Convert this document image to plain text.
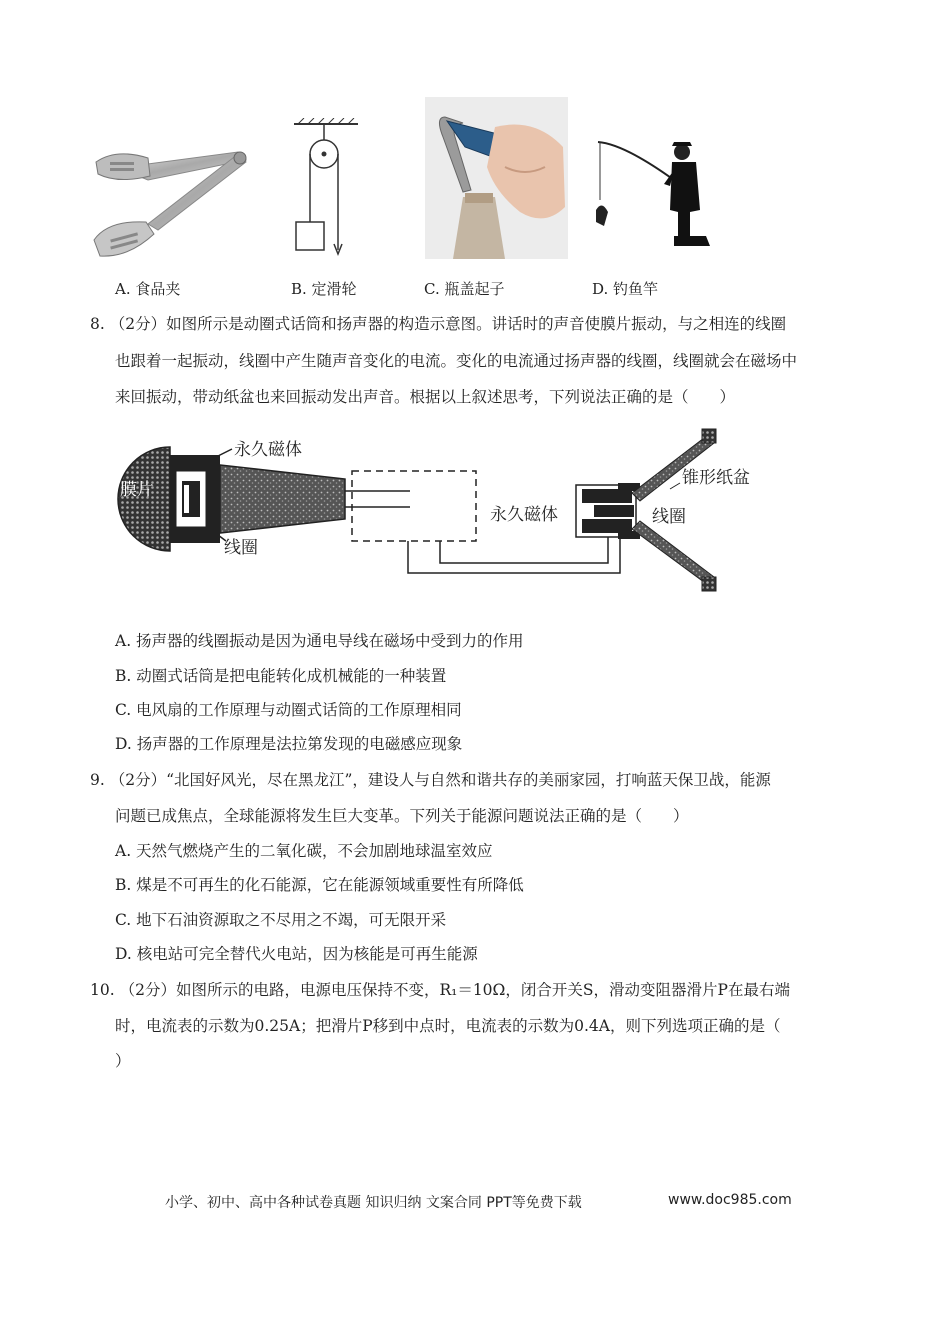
A. 食品夹	B. 定滑轮	C. 瓶盖起子	D. 钓鱼竿
8. （2分）如图所示是动圈式话筒和扬声器的构造示意图。讲话时的声音使膜片振动，与之相连的线圈
也跟着一起振动，线圈中产生随声音变化的电流。变化的电流通过扬声器的线圈，线圈就会在磁场中
来回振动，带动纸盆也来回振动发出声音。根据以上叙述思考，下列说法正确的是（　　）
永久磁体
膜片
线圈
永久磁体
锥形纸盆
线圈
A. 扬声器的线圈振动是因为通电导线在磁场中受到力的作用
B. 动圈式话筒是把电能转化成机械能的一种装置
C. 电风扇的工作原理与动圈式话筒的工作原理相同
D. 扬声器的工作原理是法拉第发现的电磁感应现象
9. （2分）“北国好风光，尽在黑龙江”，建设人与自然和谐共存的美丽家园，打响蓝天保卫战，能源
问题已成焦点，全球能源将发生巨大变革。下列关于能源问题说法正确的是（　　）
A. 天然气燃烧产生的二氧化碳，不会加剧地球温室效应
B. 煤是不可再生的化石能源，它在能源领域重要性有所降低
C. 地下石油资源取之不尽用之不竭，可无限开采
D. 核电站可完全替代火电站，因为核能是可再生能源
10. （2分）如图所示的电路，电源电压保持不变，R₁＝10Ω，闭合开关S，滑动变阻器滑片P在最右端
时，电流表的示数为0.25A；把滑片P移到中点时，电流表的示数为0.4A，则下列选项正确的是（
）
小学、初中、高中各种试卷真题 知识归纳 文案合同 PPT等免费下载	www.doc985.com
